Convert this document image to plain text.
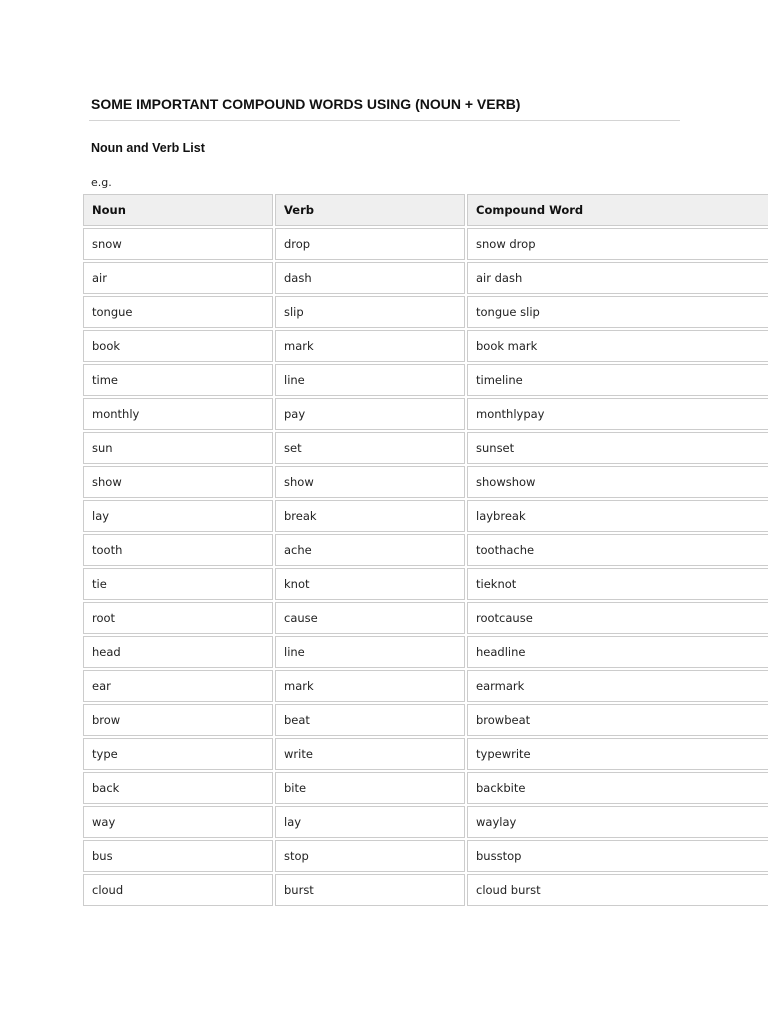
SOME IMPORTANT COMPOUND WORDS USING (NOUN + VERB)
Noun and Verb List
e.g.
Noun	Verb	Compound Word
snow	drop	snow drop
air	dash	air dash
tongue	slip	tongue slip
book	mark	book mark
time	line	timeline
monthly	pay	monthlypay
sun	set	sunset
show	show	showshow
lay	break	laybreak
tooth	ache	toothache
tie	knot	tieknot
root	cause	rootcause
head	line	headline
ear	mark	earmark
brow	beat	browbeat
type	write	typewrite
back	bite	backbite
way	lay	waylay
bus	stop	busstop
cloud	burst	cloud burst
